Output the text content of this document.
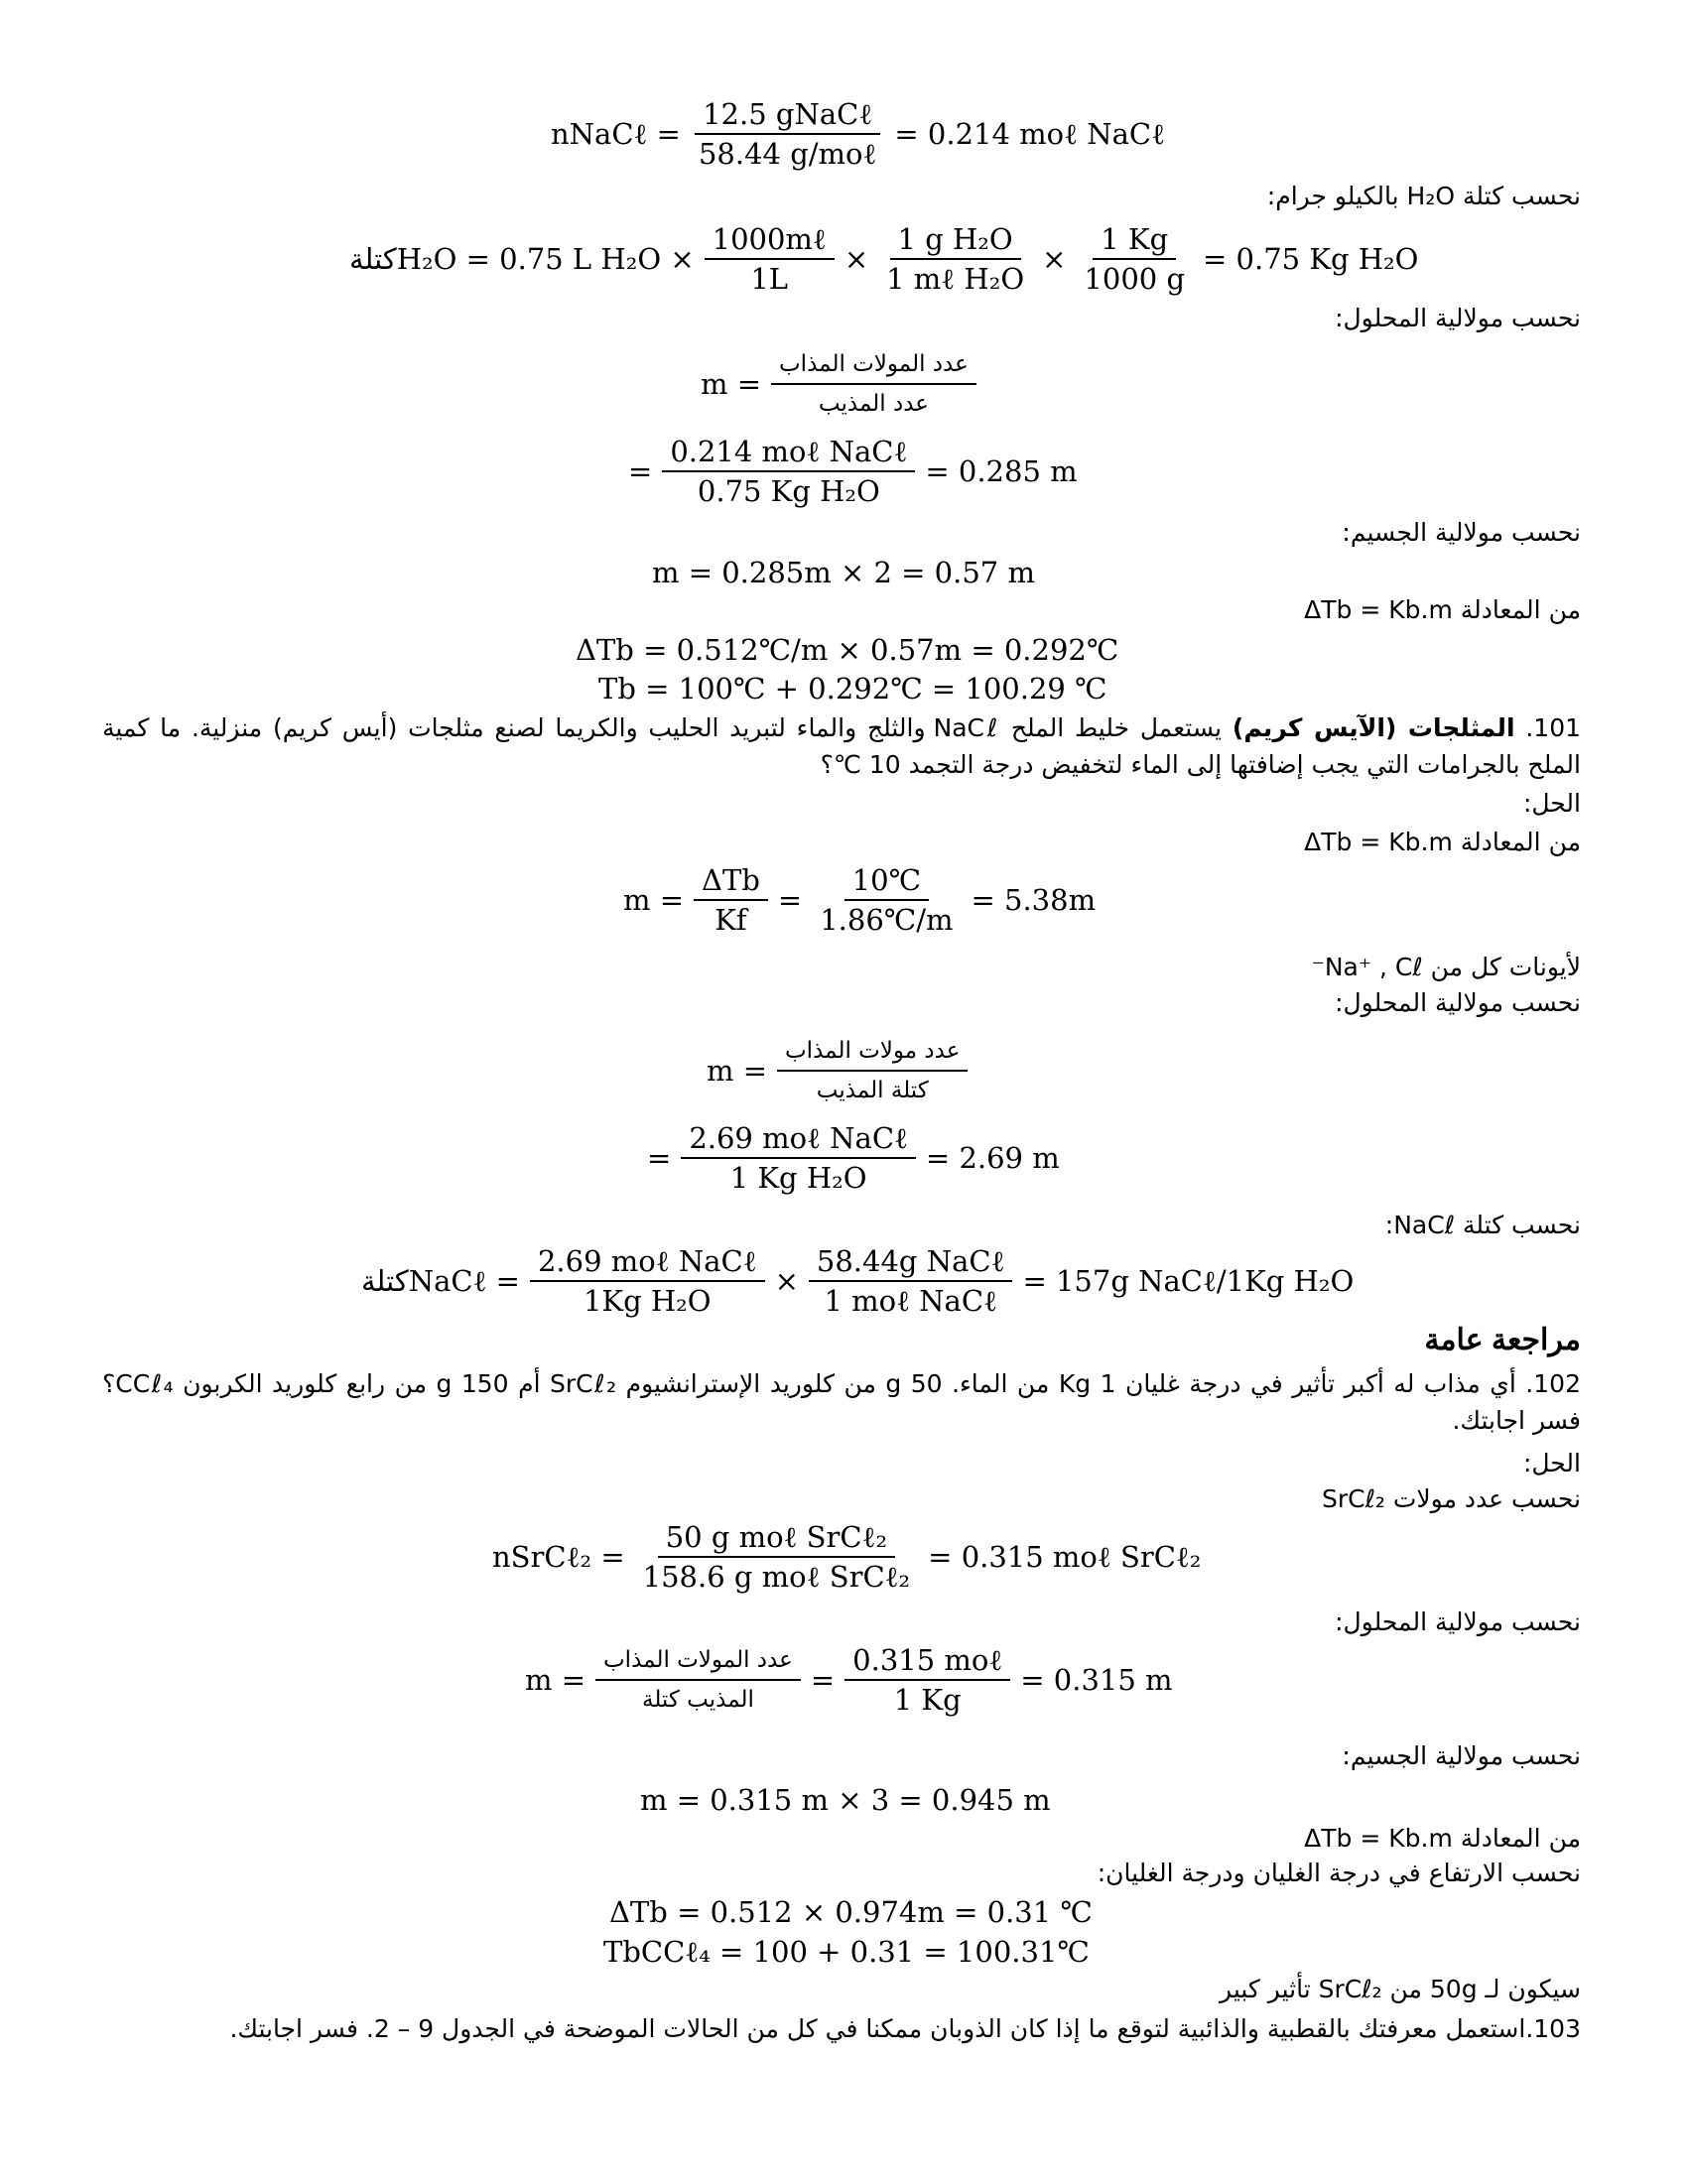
nNaCℓ = $\frac{\text{12.5 gNaCℓ}}{\text{58.44 g/moℓ}} = 0.214$ moℓ NaCℓ
نحسب كتلة H₂O بالكيلو جرام:
كتلةH₂O = 0.75 L $H_2O \times \frac{\text{1000mℓ}}{1L} \times \frac{\text{1 g H₂O}}{\text{1 mℓ H₂O}} \times \frac{1 Kg}{1000 g} = 0.75$ Kg H₂O
نحسب مولالية المحلول:
$m = \frac{\text{عدد المولات المذاب}}{\text{عدد المذيب}}$
= $\frac{\text{0.214 moℓ NaCℓ}}{\text{0.75 Kg H₂O}} = 0.285$ m
نحسب مولالية الجسيم:
m = 0.285m × 2 = 0.57 m
من المعادلة ΔTb = Kb.m
ΔTb = 0.512℃/m × 0.57m = 0.292℃
Tb = 100℃ + 0.292℃ = 100.29 ℃
101. المثلجات (الآيس كريم) يستعمل خليط الملح NaCℓ والثلج والماء لتبريد الحليب والكريما لصنع مثلجات (أيس كريم) منزلية. ما كمية الملح بالجرامات التي يجب إضافتها إلى الماء لتخفيض درجة التجمد 10 ℃؟
الحل:
من المعادلة ΔTb = Kb.m
$m = \frac{\text{ΔTb}}{Kf} = \frac{10℃}{1.86℃/m} = 5.38m$
لأيونات كل من Na⁺ , Cℓ⁻
نحسب مولالية المحلول:
$m = \frac{\text{عدد مولات المذاب}}{\text{كتلة المذيب}}$
= $\frac{\text{2.69 moℓ NaCℓ}}{\text{1 Kg H₂O}} = 2.69$ m
نحسب كتلة NaCℓ:
كتلةNaCℓ = $\frac{\text{2.69 moℓ NaCℓ}}{\text{1Kg H₂O}} \times \frac{\text{58.44g NaCℓ}}{\text{1 moℓ NaCℓ}} = 157g$ NaCℓ/1Kg H₂O
مراجعة عامة
102. أي مذاب له أكبر تأثير في درجة غليان 1 Kg من الماء. 50 g من كلوريد الإسترانشيوم SrCℓ₂ أم 150 g من رابع كلوريد الكربون CCℓ₄؟ فسر اجابتك.
الحل:
نحسب عدد مولات SrCℓ₂
nSrCℓ₂ = $\frac{\text{50 g moℓ SrCℓ₂}}{\text{158.6 g moℓ SrCℓ₂}} = 0.315$ moℓ SrCℓ₂
نحسب مولالية المحلول:
$m = \frac{\text{عدد المولات المذاب}}{\text{المذيب كتلة}} = \frac{\text{0.315 moℓ}}{1 Kg} = 0.315$ m
نحسب مولالية الجسيم:
m = 0.315 m × 3 = 0.945 m
من المعادلة ΔTb = Kb.m
نحسب الارتفاع في درجة الغليان ودرجة الغليان:
ΔTb = 0.512 × 0.974m = 0.31 ℃
TbCCℓ₄ = 100 + 0.31 = 100.31℃
سيكون لـ 50g من SrCℓ₂ تأثير كبير
103.استعمل معرفتك بالقطبية والذائبية لتوقع ما إذا كان الذوبان ممكنا في كل من الحالات الموضحة في الجدول 9 – 2. فسر اجابتك.
